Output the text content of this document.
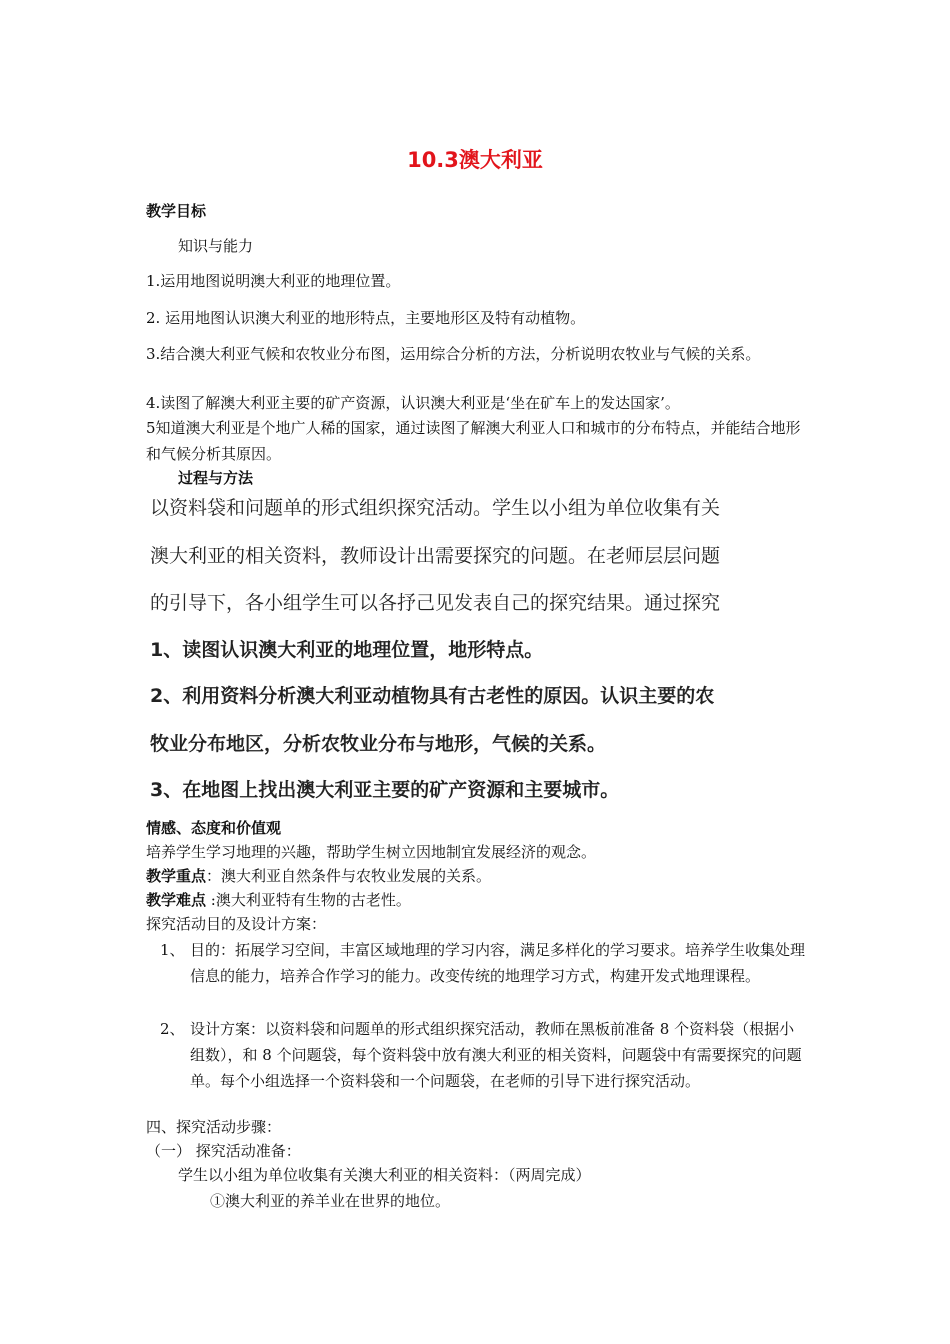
10.3澳大利亚
教学目标
知识与能力
1.运用地图说明澳大利亚的地理位置。
2. 运用地图认识澳大利亚的地形特点，主要地形区及特有动植物。
3.结合澳大利亚气候和农牧业分布图，运用综合分析的方法，分析说明农牧业与气候的关系。
4.读图了解澳大利亚主要的矿产资源，认识澳大利亚是‘坐在矿车上的发达国家’。
5知道澳大利亚是个地广人稀的国家，通过读图了解澳大利亚人口和城市的分布特点，并能结合地形和气候分析其原因。
过程与方法
以资料袋和问题单的形式组织探究活动。学生以小组为单位收集有关
澳大利亚的相关资料，教师设计出需要探究的问题。在老师层层问题
的引导下，各小组学生可以各抒己见发表自己的探究结果。通过探究
1、读图认识澳大利亚的地理位置，地形特点。
2、利用资料分析澳大利亚动植物具有古老性的原因。认识主要的农
牧业分布地区，分析农牧业分布与地形，气候的关系。
3、在地图上找出澳大利亚主要的矿产资源和主要城市。
情感、态度和价值观
培养学生学习地理的兴趣，帮助学生树立因地制宜发展经济的观念。
教学重点：澳大利亚自然条件与农牧业发展的关系。
教学难点 :澳大利亚特有生物的古老性。
探究活动目的及设计方案：
1、 目的：拓展学习空间，丰富区域地理的学习内容，满足多样化的学习要求。培养学生收集处理信息的能力，培养合作学习的能力。改变传统的地理学习方式，构建开发式地理课程。
2、 设计方案：以资料袋和问题单的形式组织探究活动，教师在黑板前准备 8 个资料袋（根据小组数），和 8 个问题袋，每个资料袋中放有澳大利亚的相关资料，问题袋中有需要探究的问题单。每个小组选择一个资料袋和一个问题袋，在老师的引导下进行探究活动。
四、探究活动步骤：
（一） 探究活动准备：
学生以小组为单位收集有关澳大利亚的相关资料：（两周完成）
①澳大利亚的养羊业在世界的地位。
